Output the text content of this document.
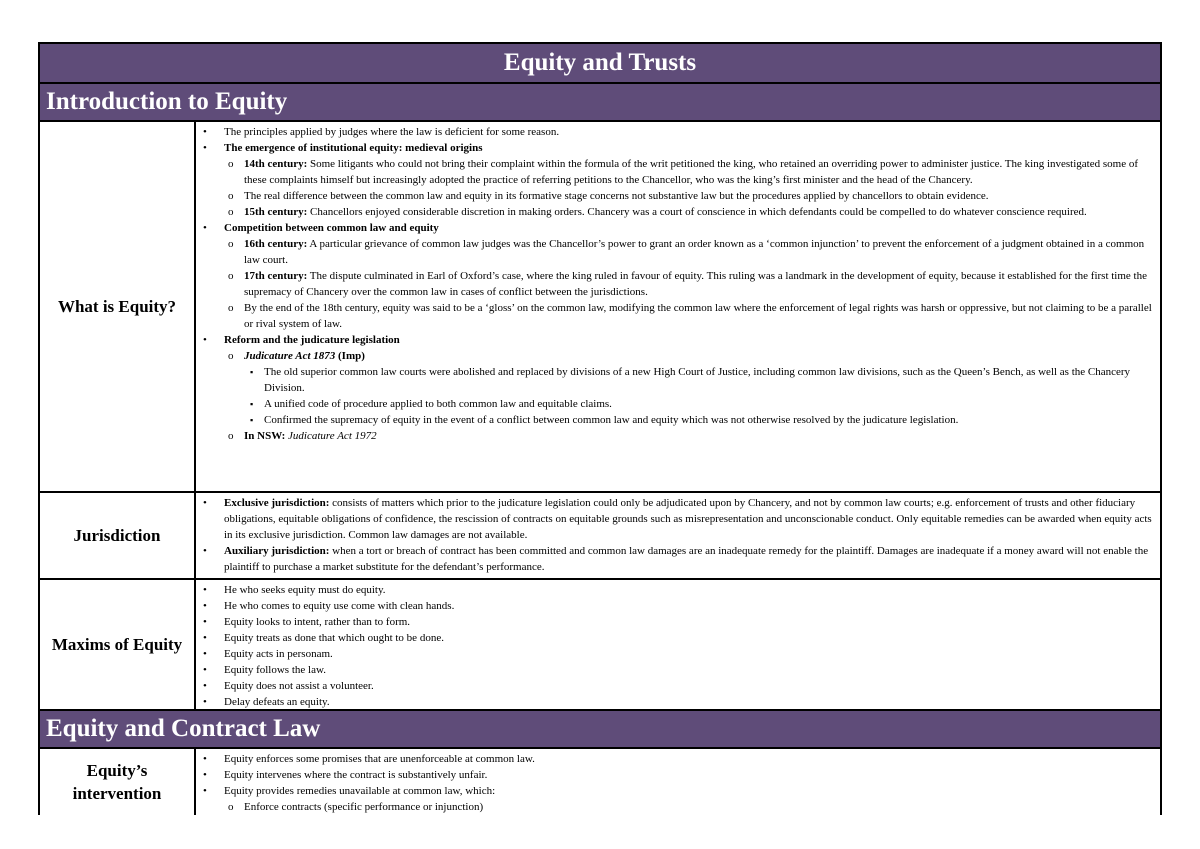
Equity and Trusts
Introduction to Equity
What is Equity?
• The principles applied by judges where the law is deficient for some reason.
• The emergence of institutional equity: medieval origins
o 14th century: Some litigants who could not bring their complaint within the formula of the writ petitioned the king, who retained an overriding power to administer justice. The king investigated some of these complaints himself but increasingly adopted the practice of referring petitions to the Chancellor, who was the king’s first minister and the head of the Chancery.
o The real difference between the common law and equity in its formative stage concerns not substantive law but the procedures applied by chancellors to obtain evidence.
o 15th century: Chancellors enjoyed considerable discretion in making orders. Chancery was a court of conscience in which defendants could be compelled to do whatever conscience required.
• Competition between common law and equity
o 16th century: A particular grievance of common law judges was the Chancellor’s power to grant an order known as a ‘common injunction’ to prevent the enforcement of a judgment obtained in a common law court.
o 17th century: The dispute culminated in Earl of Oxford’s case, where the king ruled in favour of equity. This ruling was a landmark in the development of equity, because it established for the first time the supremacy of Chancery over the common law in cases of conflict between the jurisdictions.
o By the end of the 18th century, equity was said to be a ‘gloss’ on the common law, modifying the common law where the enforcement of legal rights was harsh or oppressive, but not claiming to be a parallel or rival system of law.
• Reform and the judicature legislation
o Judicature Act 1873 (Imp)
▪ The old superior common law courts were abolished and replaced by divisions of a new High Court of Justice, including common law divisions, such as the Queen’s Bench, as well as the Chancery Division.
▪ A unified code of procedure applied to both common law and equitable claims.
▪ Confirmed the supremacy of equity in the event of a conflict between common law and equity which was not otherwise resolved by the judicature legislation.
o In NSW: Judicature Act 1972
Jurisdiction
• Exclusive jurisdiction: consists of matters which prior to the judicature legislation could only be adjudicated upon by Chancery, and not by common law courts; e.g. enforcement of trusts and other fiduciary obligations, equitable obligations of confidence, the rescission of contracts on equitable grounds such as misrepresentation and unconscionable conduct. Only equitable remedies can be awarded when equity acts in its exclusive jurisdiction. Common law damages are not available.
• Auxiliary jurisdiction: when a tort or breach of contract has been committed and common law damages are an inadequate remedy for the plaintiff. Damages are inadequate if a money award will not enable the plaintiff to purchase a market substitute for the defendant’s performance.
Maxims of Equity
• He who seeks equity must do equity.
• He who comes to equity use come with clean hands.
• Equity looks to intent, rather than to form.
• Equity treats as done that which ought to be done.
• Equity acts in personam.
• Equity follows the law.
• Equity does not assist a volunteer.
• Delay defeats an equity.
Equity and Contract Law
Equity’s intervention
• Equity enforces some promises that are unenforceable at common law.
• Equity intervenes where the contract is substantively unfair.
• Equity provides remedies unavailable at common law, which:
o Enforce contracts (specific performance or injunction)
